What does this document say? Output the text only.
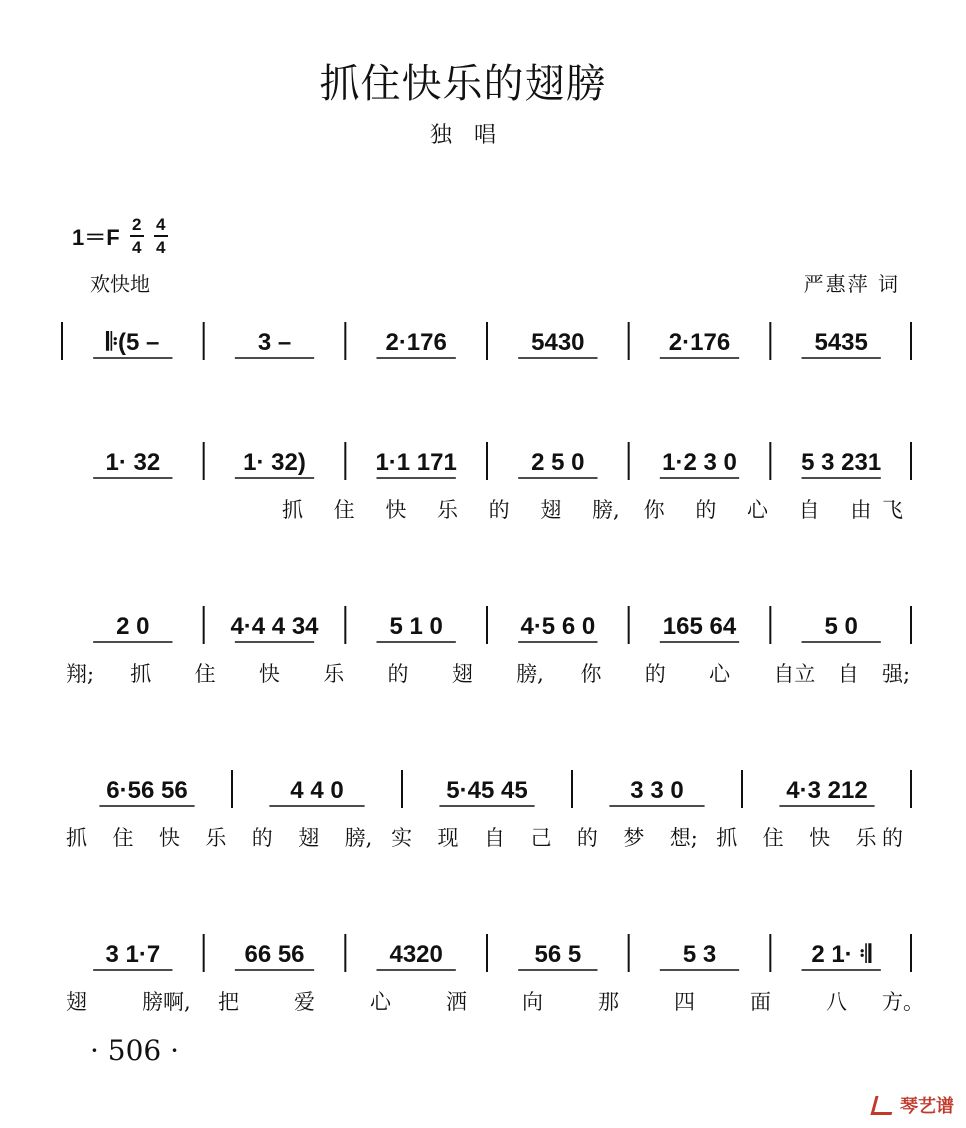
抓住快乐的翅膀
独　唱
$1=F \frac{2}{4} \frac{4}{4}$
欢快地	严惠萍 词
𝄆(5 –	3 –	2·176	5430	2·176	5435
1· 32	1· 32)	1·1 171	2 5 0	1·2 3 0	5 3 231
抓 住 快 乐 的 翅 膀, 你 的 心 自 由 飞
2 0	4·4 4 34	5 1 0	4·5 6 0	165 64	5 0
翔; 抓 住 快 乐 的 翅 膀, 你 的 心 自立 自 强;
6·56 56	4 4 0	5·45 45	3 3 0	4·3 212
抓 住 快 乐 的 翅 膀, 实 现 自 己 的 梦 想; 抓 住 快 乐 的
3 1·7	66 56	4320	56 5	5 3	2 1· 𝄇
翅	膀啊, 把	爱	心	洒	向	那	四	面	八 方。
· 506 ·
琴艺谱
